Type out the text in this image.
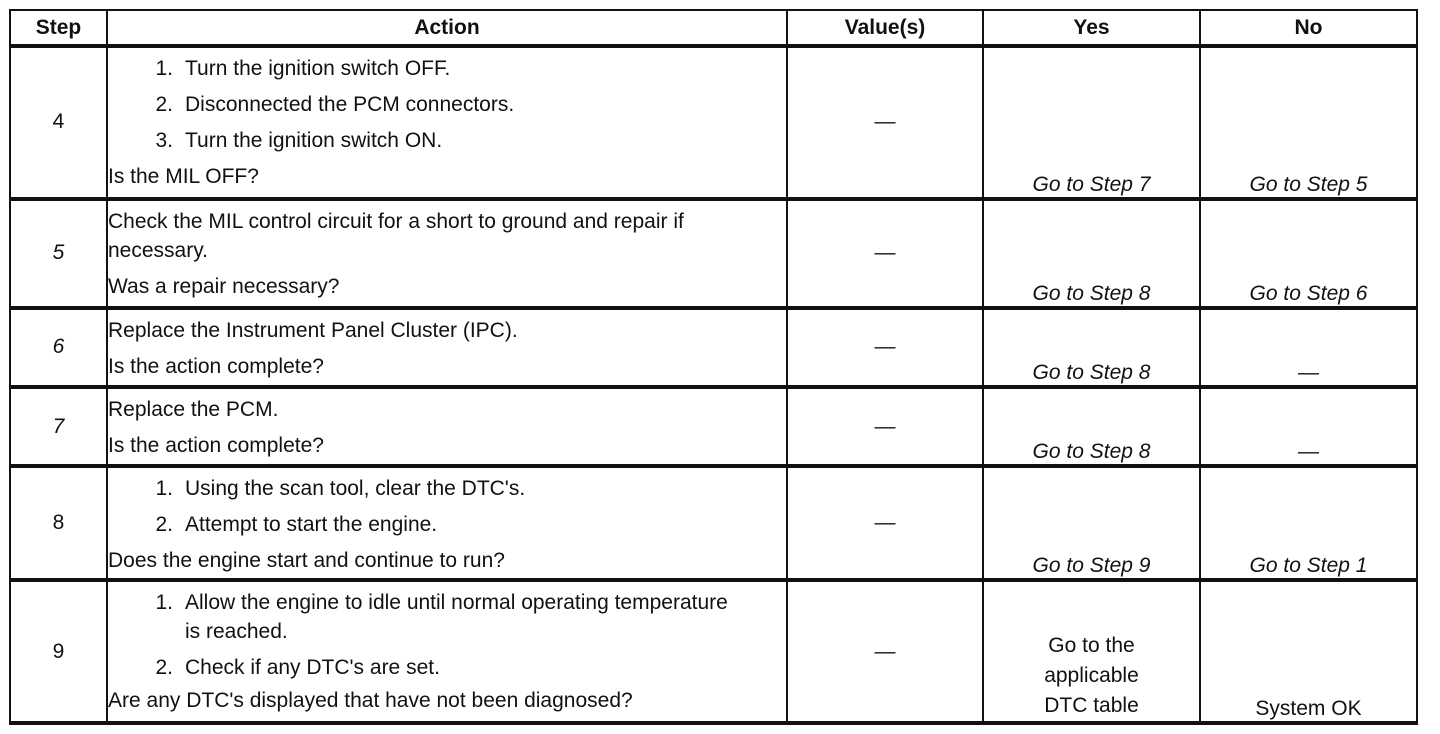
Step	Action	Value(s)	Yes	No
4	1. Turn the ignition switch OFF.
2. Disconnected the PCM connectors.
3. Turn the ignition switch ON.
Is the MIL OFF?	—	Go to Step 7	Go to Step 5
5	Check the MIL control circuit for a short to ground and repair if necessary.
Was a repair necessary?	—	Go to Step 8	Go to Step 6
6	Replace the Instrument Panel Cluster (IPC).
Is the action complete?	—	Go to Step 8	—
7	Replace the PCM.
Is the action complete?	—	Go to Step 8	—
8	1. Using the scan tool, clear the DTC's.
2. Attempt to start the engine.
Does the engine start and continue to run?	—	Go to Step 9	Go to Step 1
9	1. Allow the engine to idle until normal operating temperature is reached.
2. Check if any DTC's are set.
Are any DTC's displayed that have not been diagnosed?	—	Go to the
applicable
DTC table	System OK
